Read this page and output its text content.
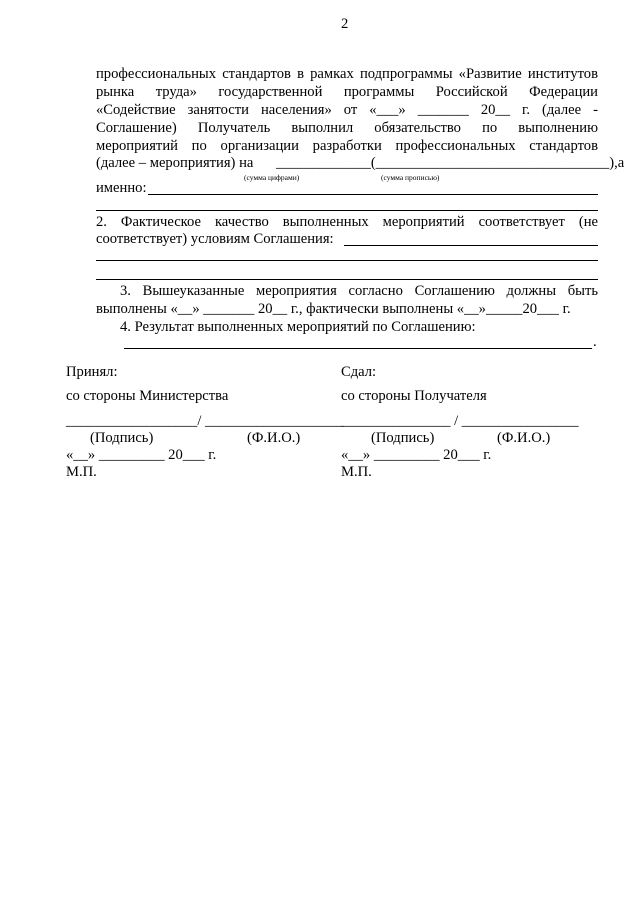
2
профессиональных стандартов в рамках подпрограммы «Развитие институтов
рынка труда» государственной программы Российской Федерации
«Содействие занятости населения» от «___» _______ 20__ г. (далее -
Соглашение) Получатель выполнил обязательство по выполнению
мероприятий по организации разработки профессиональных стандартов
(далее – мероприятия) на _____________(________________________________),а
(сумма цифрами)	(сумма прописью)
именно:
2. Фактическое качество выполненных мероприятий соответствует (не
соответствует) условиям Соглашения:
3. Вышеуказанные мероприятия согласно Соглашению должны быть
выполнены «__» _______ 20__ г., фактически выполнены «__»_____20___ г.
4. Результат выполненных мероприятий по Соглашению:
.
Принял:
со стороны Министерства
__________________/ ___________________
(Подпись)	(Ф.И.О.)
«__» _________ 20___ г.
М.П.
Сдал:
со стороны Получателя
_______________ / ________________
(Подпись)	(Ф.И.О.)
«__» _________ 20___ г.
М.П.
